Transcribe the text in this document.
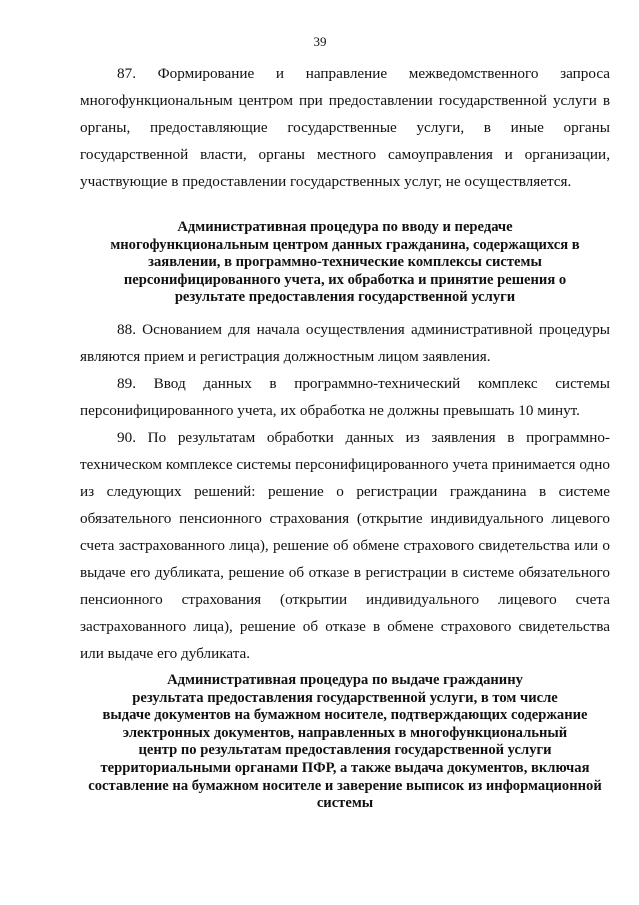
39

87. Формирование и направление межведомственного запроса многофункциональным центром при предоставлении государственной услуги в органы, предоставляющие государственные услуги, в иные органы государственной власти, органы местного самоуправления и организации, участвующие в предоставлении государственных услуг, не осуществляется.

Административная процедура по вводу и передаче
многофункциональным центром данных гражданина, содержащихся в
заявлении, в программно-технические комплексы системы
персонифицированного учета, их обработка и принятие решения о
результате предоставления государственной услуги

88. Основанием для начала осуществления административной процедуры являются прием и регистрация должностным лицом заявления.

89. Ввод данных в программно-технический комплекс системы персонифицированного учета, их обработка не должны превышать 10 минут.

90. По результатам обработки данных из заявления в программно-техническом комплексе системы персонифицированного учета принимается одно из следующих решений: решение о регистрации гражданина в системе обязательного пенсионного страхования (открытие индивидуального лицевого счета застрахованного лица), решение об обмене страхового свидетельства или о выдаче его дубликата, решение об отказе в регистрации в системе обязательного пенсионного страхования (открытии индивидуального лицевого счета застрахованного лица), решение об отказе в обмене страхового свидетельства или выдаче его дубликата.

Административная процедура по выдаче гражданину
результата предоставления государственной услуги, в том числе
выдаче документов на бумажном носителе, подтверждающих содержание
электронных документов, направленных в многофункциональный
центр по результатам предоставления государственной услуги
территориальными органами ПФР, а также выдача документов, включая
составление на бумажном носителе и заверение выписок из информационной
системы
